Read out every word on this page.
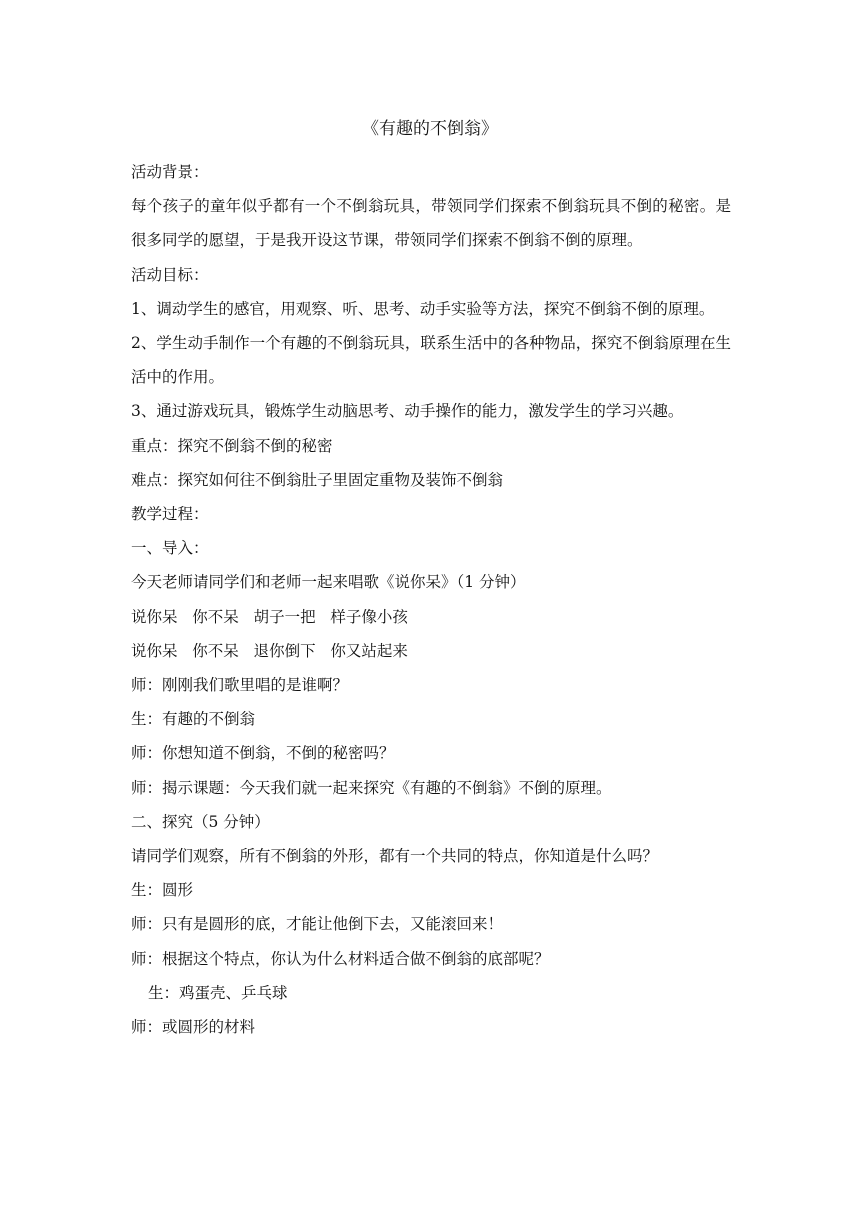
《有趣的不倒翁》

活动背景：

每个孩子的童年似乎都有一个不倒翁玩具，带领同学们探索不倒翁玩具不倒的秘密。是很多同学的愿望，于是我开设这节课，带领同学们探索不倒翁不倒的原理。

活动目标：

1、调动学生的感官，用观察、听、思考、动手实验等方法，探究不倒翁不倒的原理。

2、学生动手制作一个有趣的不倒翁玩具，联系生活中的各种物品，探究不倒翁原理在生活中的作用。

3、通过游戏玩具，锻炼学生动脑思考、动手操作的能力，激发学生的学习兴趣。

重点：探究不倒翁不倒的秘密

难点：探究如何往不倒翁肚子里固定重物及装饰不倒翁

教学过程：

一、导入：

今天老师请同学们和老师一起来唱歌《说你呆》（1 分钟）

说你呆   你不呆   胡子一把   样子像小孩

说你呆   你不呆   退你倒下   你又站起来

师：刚刚我们歌里唱的是谁啊？

生：有趣的不倒翁

师：你想知道不倒翁，不倒的秘密吗？

师：揭示课题：今天我们就一起来探究《有趣的不倒翁》不倒的原理。

二、探究（5 分钟）

请同学们观察，所有不倒翁的外形，都有一个共同的特点，你知道是什么吗？

生：圆形

师：只有是圆形的底，才能让他倒下去，又能滚回来！

师：根据这个特点，你认为什么材料适合做不倒翁的底部呢？

生：鸡蛋壳、乒乓球

师：或圆形的材料
